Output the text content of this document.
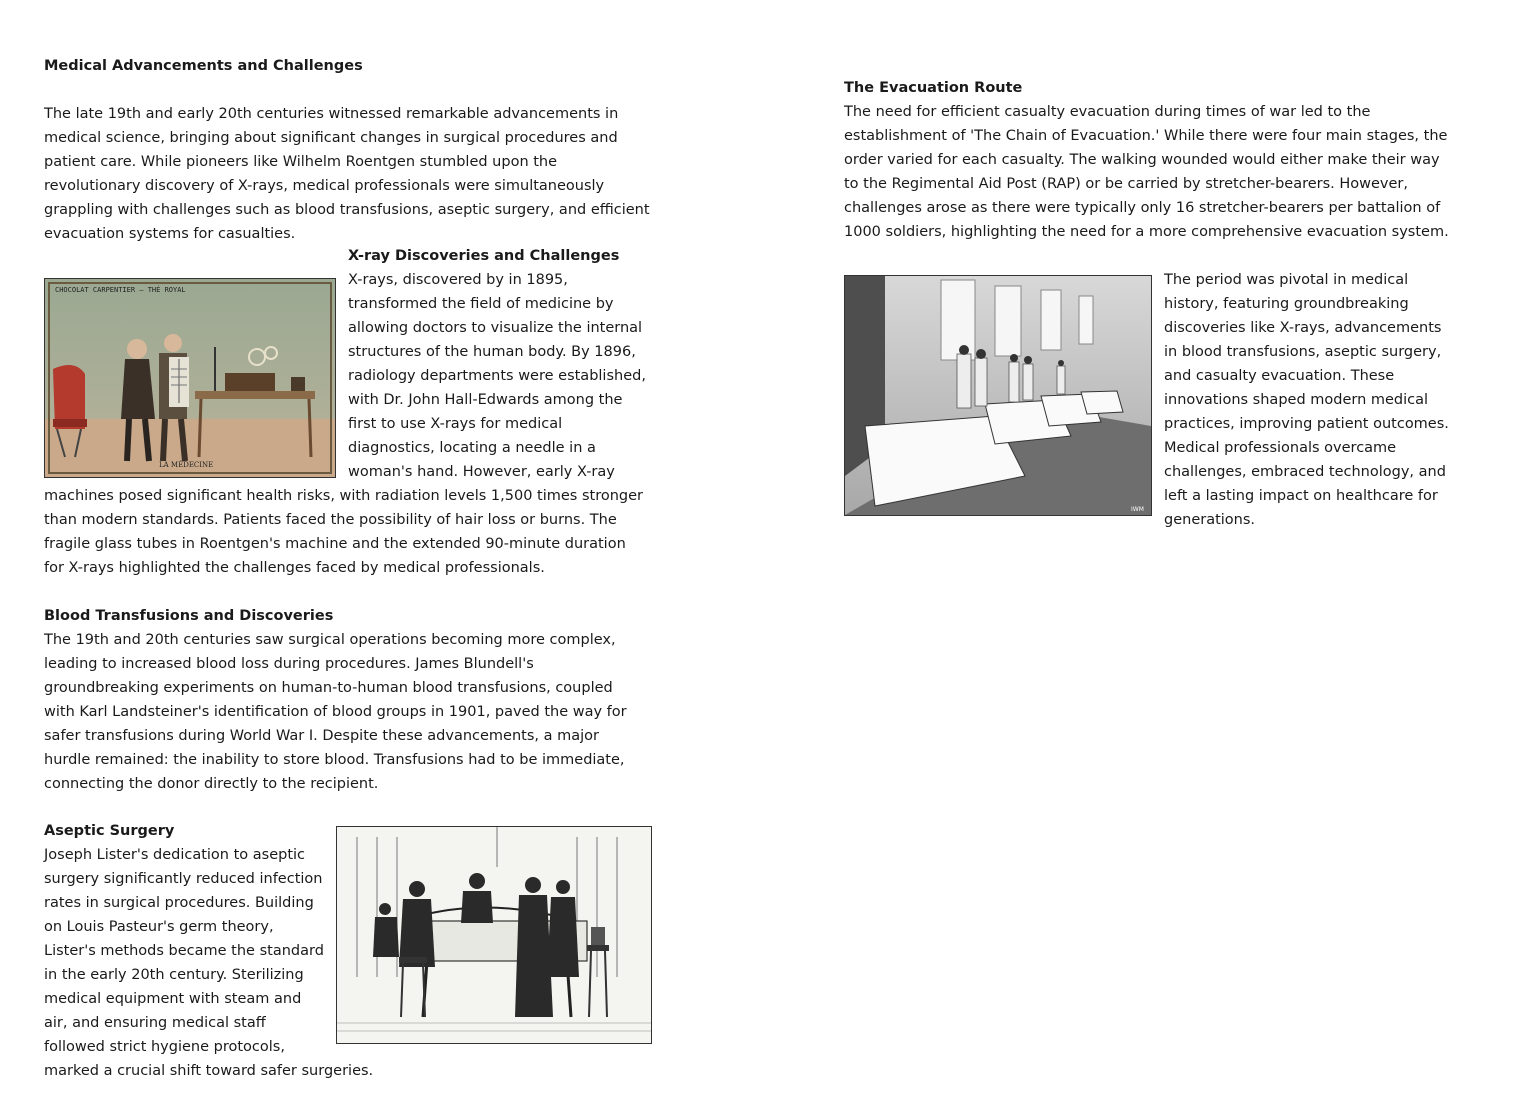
Medical Advancements and Challenges

The late 19th and early 20th centuries witnessed remarkable advancements in medical science, bringing about significant changes in surgical procedures and patient care. While pioneers like Wilhelm Roentgen stumbled upon the revolutionary discovery of X-rays, medical professionals were simultaneously grappling with challenges such as blood transfusions, aseptic surgery, and efficient evacuation systems for casualties.

CHOCOLAT CARPENTIER — THÉ ROYAL
LA MÉDECINE

X-ray Discoveries and Challenges

X-rays, discovered by in 1895, transformed the field of medicine by allowing doctors to visualize the internal structures of the human body. By 1896, radiology departments were established, with Dr. John Hall-Edwards among the first to use X-rays for medical diagnostics, locating a needle in a woman's hand. However, early X-ray machines posed significant health risks, with radiation levels 1,500 times stronger than modern standards. Patients faced the possibility of hair loss or burns. The fragile glass tubes in Roentgen's machine and the extended 90-minute duration for X-rays highlighted the challenges faced by medical professionals.

Blood Transfusions and Discoveries

The 19th and 20th centuries saw surgical operations becoming more complex, leading to increased blood loss during procedures. James Blundell's groundbreaking experiments on human-to-human blood transfusions, coupled with Karl Landsteiner's identification of blood groups in 1901, paved the way for safer transfusions during World War I. Despite these advancements, a major hurdle remained: the inability to store blood. Transfusions had to be immediate, connecting the donor directly to the recipient.

Aseptic Surgery

Joseph Lister's dedication to aseptic surgery significantly reduced infection rates in surgical procedures. Building on Louis Pasteur's germ theory, Lister's methods became the standard in the early 20th century. Sterilizing medical equipment with steam and air, and ensuring medical staff followed strict hygiene protocols, marked a crucial shift toward safer surgeries.

The Evacuation Route

The need for efficient casualty evacuation during times of war led to the establishment of 'The Chain of Evacuation.' While there were four main stages, the order varied for each casualty. The walking wounded would either make their way to the Regimental Aid Post (RAP) or be carried by stretcher-bearers. However, challenges arose as there were typically only 16 stretcher-bearers per battalion of 1000 soldiers, highlighting the need for a more comprehensive evacuation system.

IWM

The period was pivotal in medical history, featuring groundbreaking discoveries like X-rays, advancements in blood transfusions, aseptic surgery, and casualty evacuation. These innovations shaped modern medical practices, improving patient outcomes. Medical professionals overcame challenges, embraced technology, and left a lasting impact on healthcare for generations.
